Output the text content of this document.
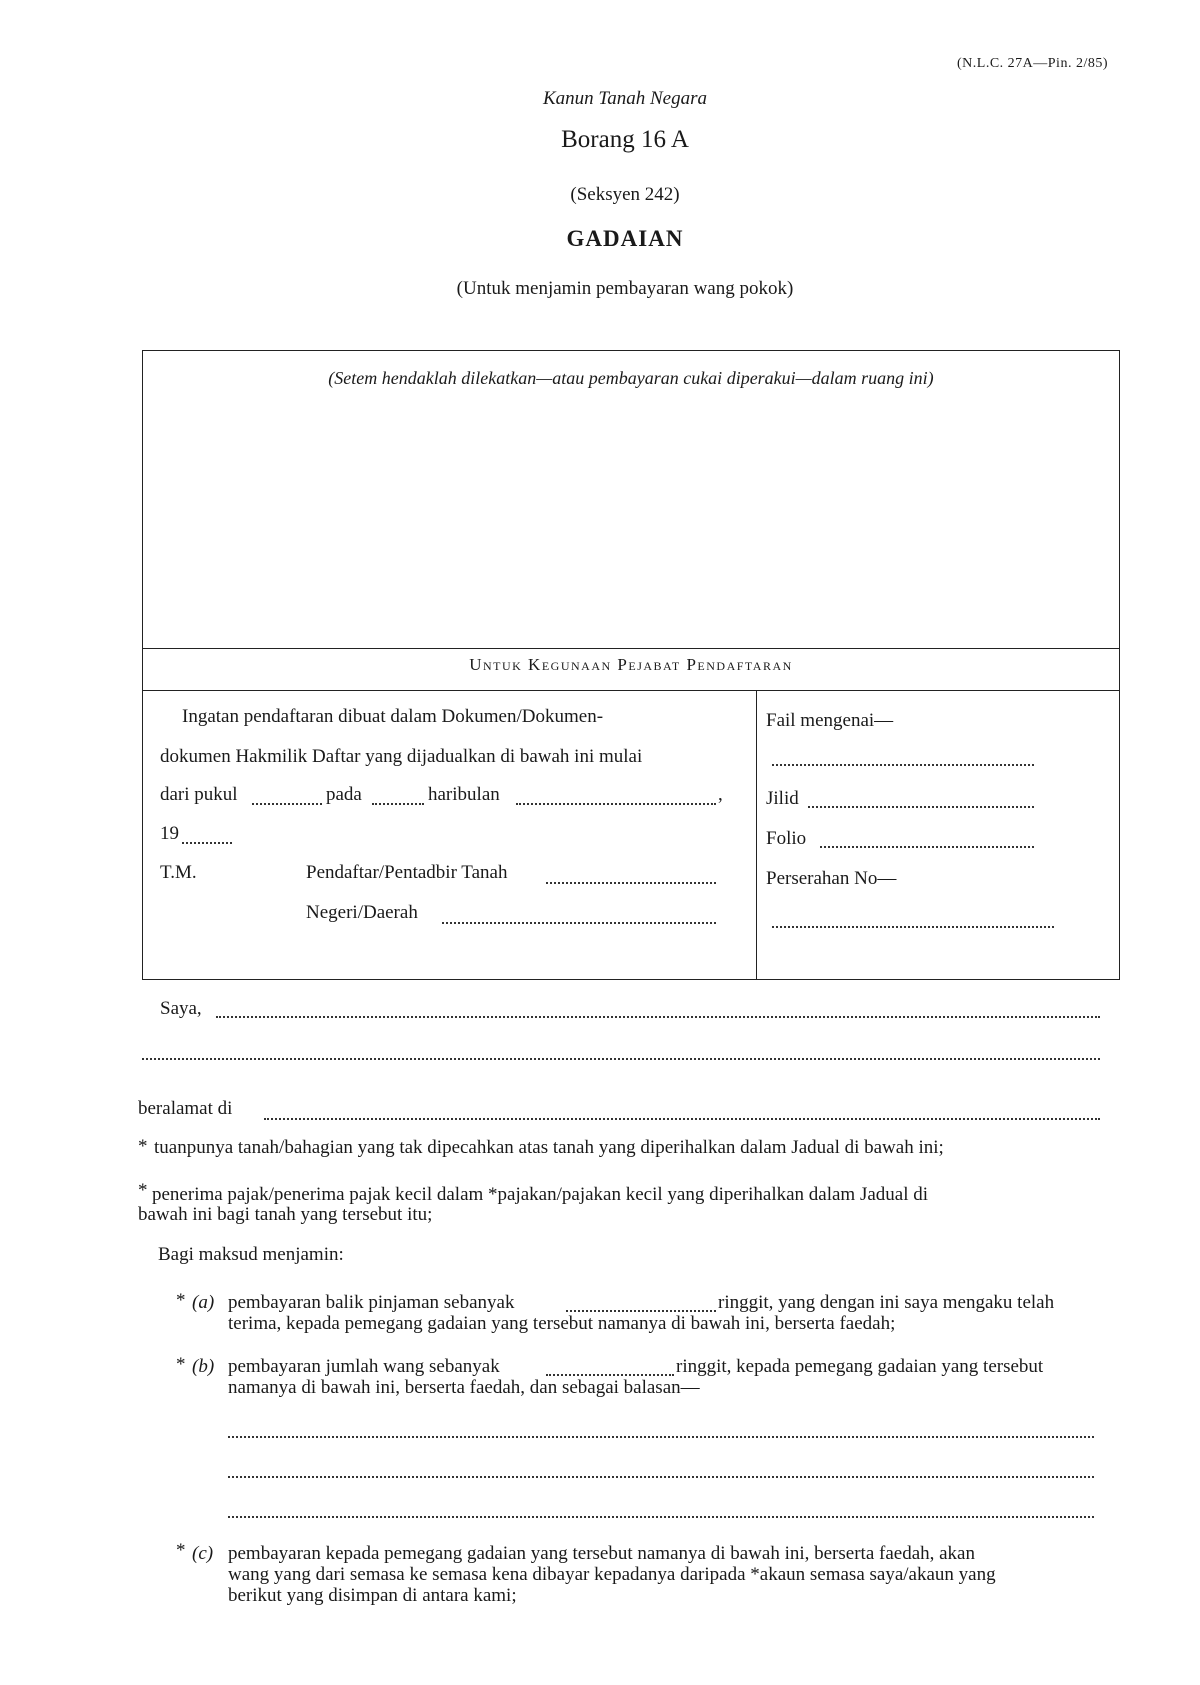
(N.L.C. 27A—Pin. 2/85)
Kanun Tanah Negara
Borang 16 A
(Seksyen 242)
GADAIAN
(Untuk menjamin pembayaran wang pokok)
(Setem hendaklah dilekatkan—atau pembayaran cukai diperakui—dalam ruang ini)
Untuk Kegunaan Pejabat Pendaftaran
Ingatan pendaftaran dibuat dalam Dokumen/Dokumen-
dokumen Hakmilik Daftar yang dijadualkan di bawah ini mulai
dari pukul	pada	haribulan	,
19
T.M.	Pendaftar/Pentadbir Tanah
Negeri/Daerah
Fail mengenai—
Jilid
Folio
Perserahan No—
Saya,
beralamat di
* tuanpunya tanah/bahagian yang tak dipecahkan atas tanah yang diperihalkan dalam Jadual di bawah ini;
* penerima pajak/penerima pajak kecil dalam *pajakan/pajakan kecil yang diperihalkan dalam Jadual di
bawah ini bagi tanah yang tersebut itu;
Bagi maksud menjamin:
* (a) pembayaran balik pinjaman sebanyak	ringgit, yang dengan ini saya mengaku telah
terima, kepada pemegang gadaian yang tersebut namanya di bawah ini, berserta faedah;
* (b) pembayaran jumlah wang sebanyak	ringgit, kepada pemegang gadaian yang tersebut
namanya di bawah ini, berserta faedah, dan sebagai balasan—
* (c) pembayaran kepada pemegang gadaian yang tersebut namanya di bawah ini, berserta faedah, akan
wang yang dari semasa ke semasa kena dibayar kepadanya daripada *akaun semasa saya/akaun yang
berikut yang disimpan di antara kami;
